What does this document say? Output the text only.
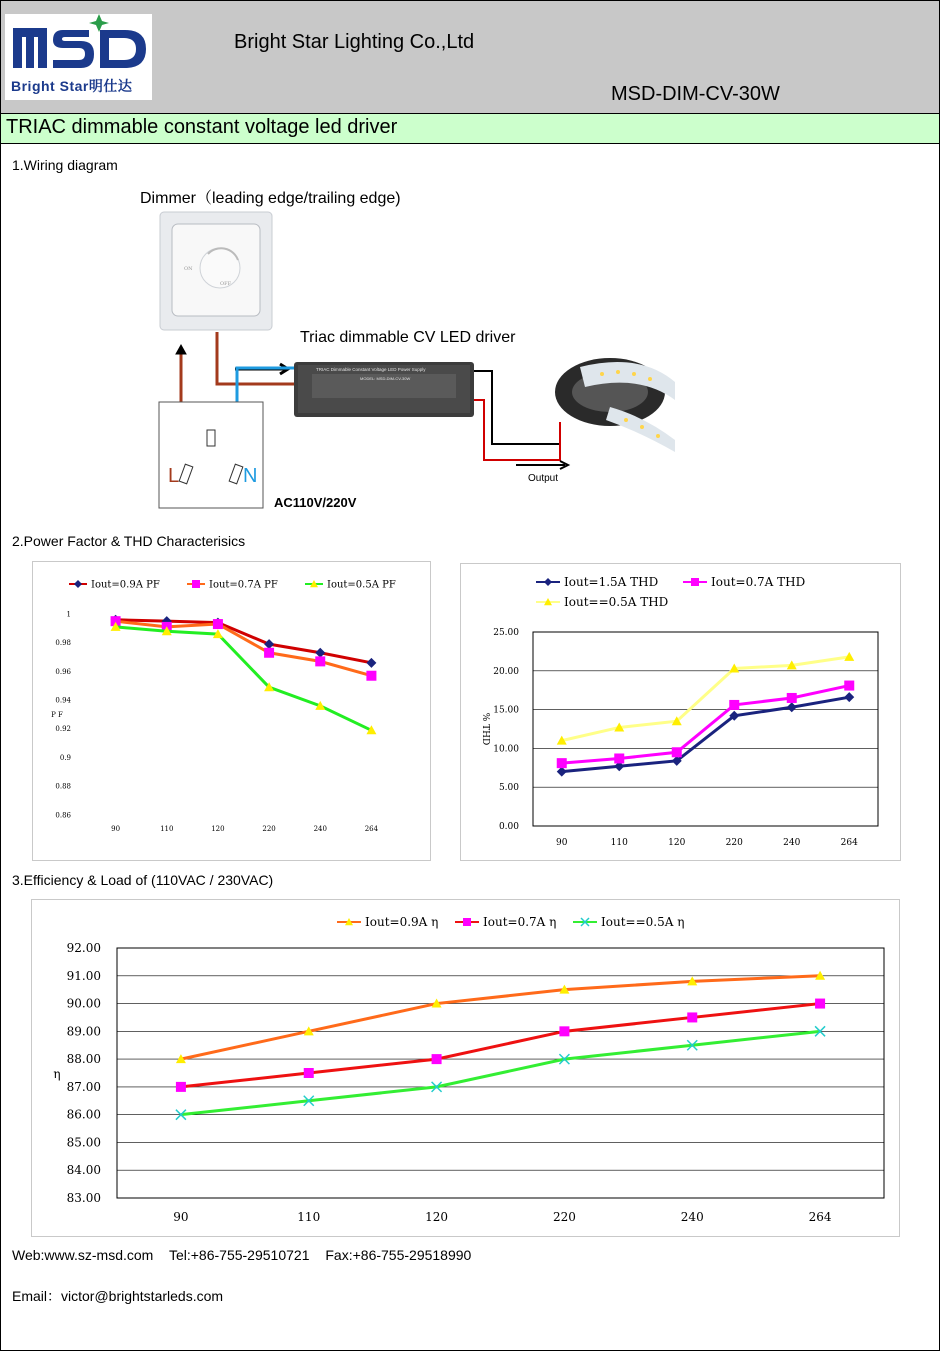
Bright Star明仕达
Bright Star Lighting Co.,Ltd
MSD-DIM-CV-30W
TRIAC dimmable constant voltage led driver
1.Wiring diagram
Dimmer（leading edge/trailing edge)
ON
OFF
L	N
AC110V/220V
Triac dimmable CV LED driver
TRIAC Dimmable Constant Voltage LED Power Supply
MODEL: MSD-DIM-CV-30W
Output
2.Power Factor & THD Characterisics
1
0.98
0.96
0.94
0.92
0.9
0.88
0.86
90	110	120	220	240	264
P F
Iout=0.9A PF	Iout=0.7A PF	Iout=0.5A PF
25.00
20.00
15.00
10.00
5.00
0.00
90	110	120	220	240	264
% THD
Iout=1.5A THD	Iout=0.7A THD
Iout==0.5A THD
3.Efficiency & Load of (110VAC / 230VAC)
92.00
91.00
90.00
89.00
88.00
87.00
86.00
85.00
84.00
83.00
90	110	120	220	240	264
η
Iout=0.9A η	Iout=0.7A η	Iout==0.5A η
Web:www.sz-msd.com Tel:+86-755-29510721 Fax:+86-755-29518990
Email：victor@brightstarleds.com
